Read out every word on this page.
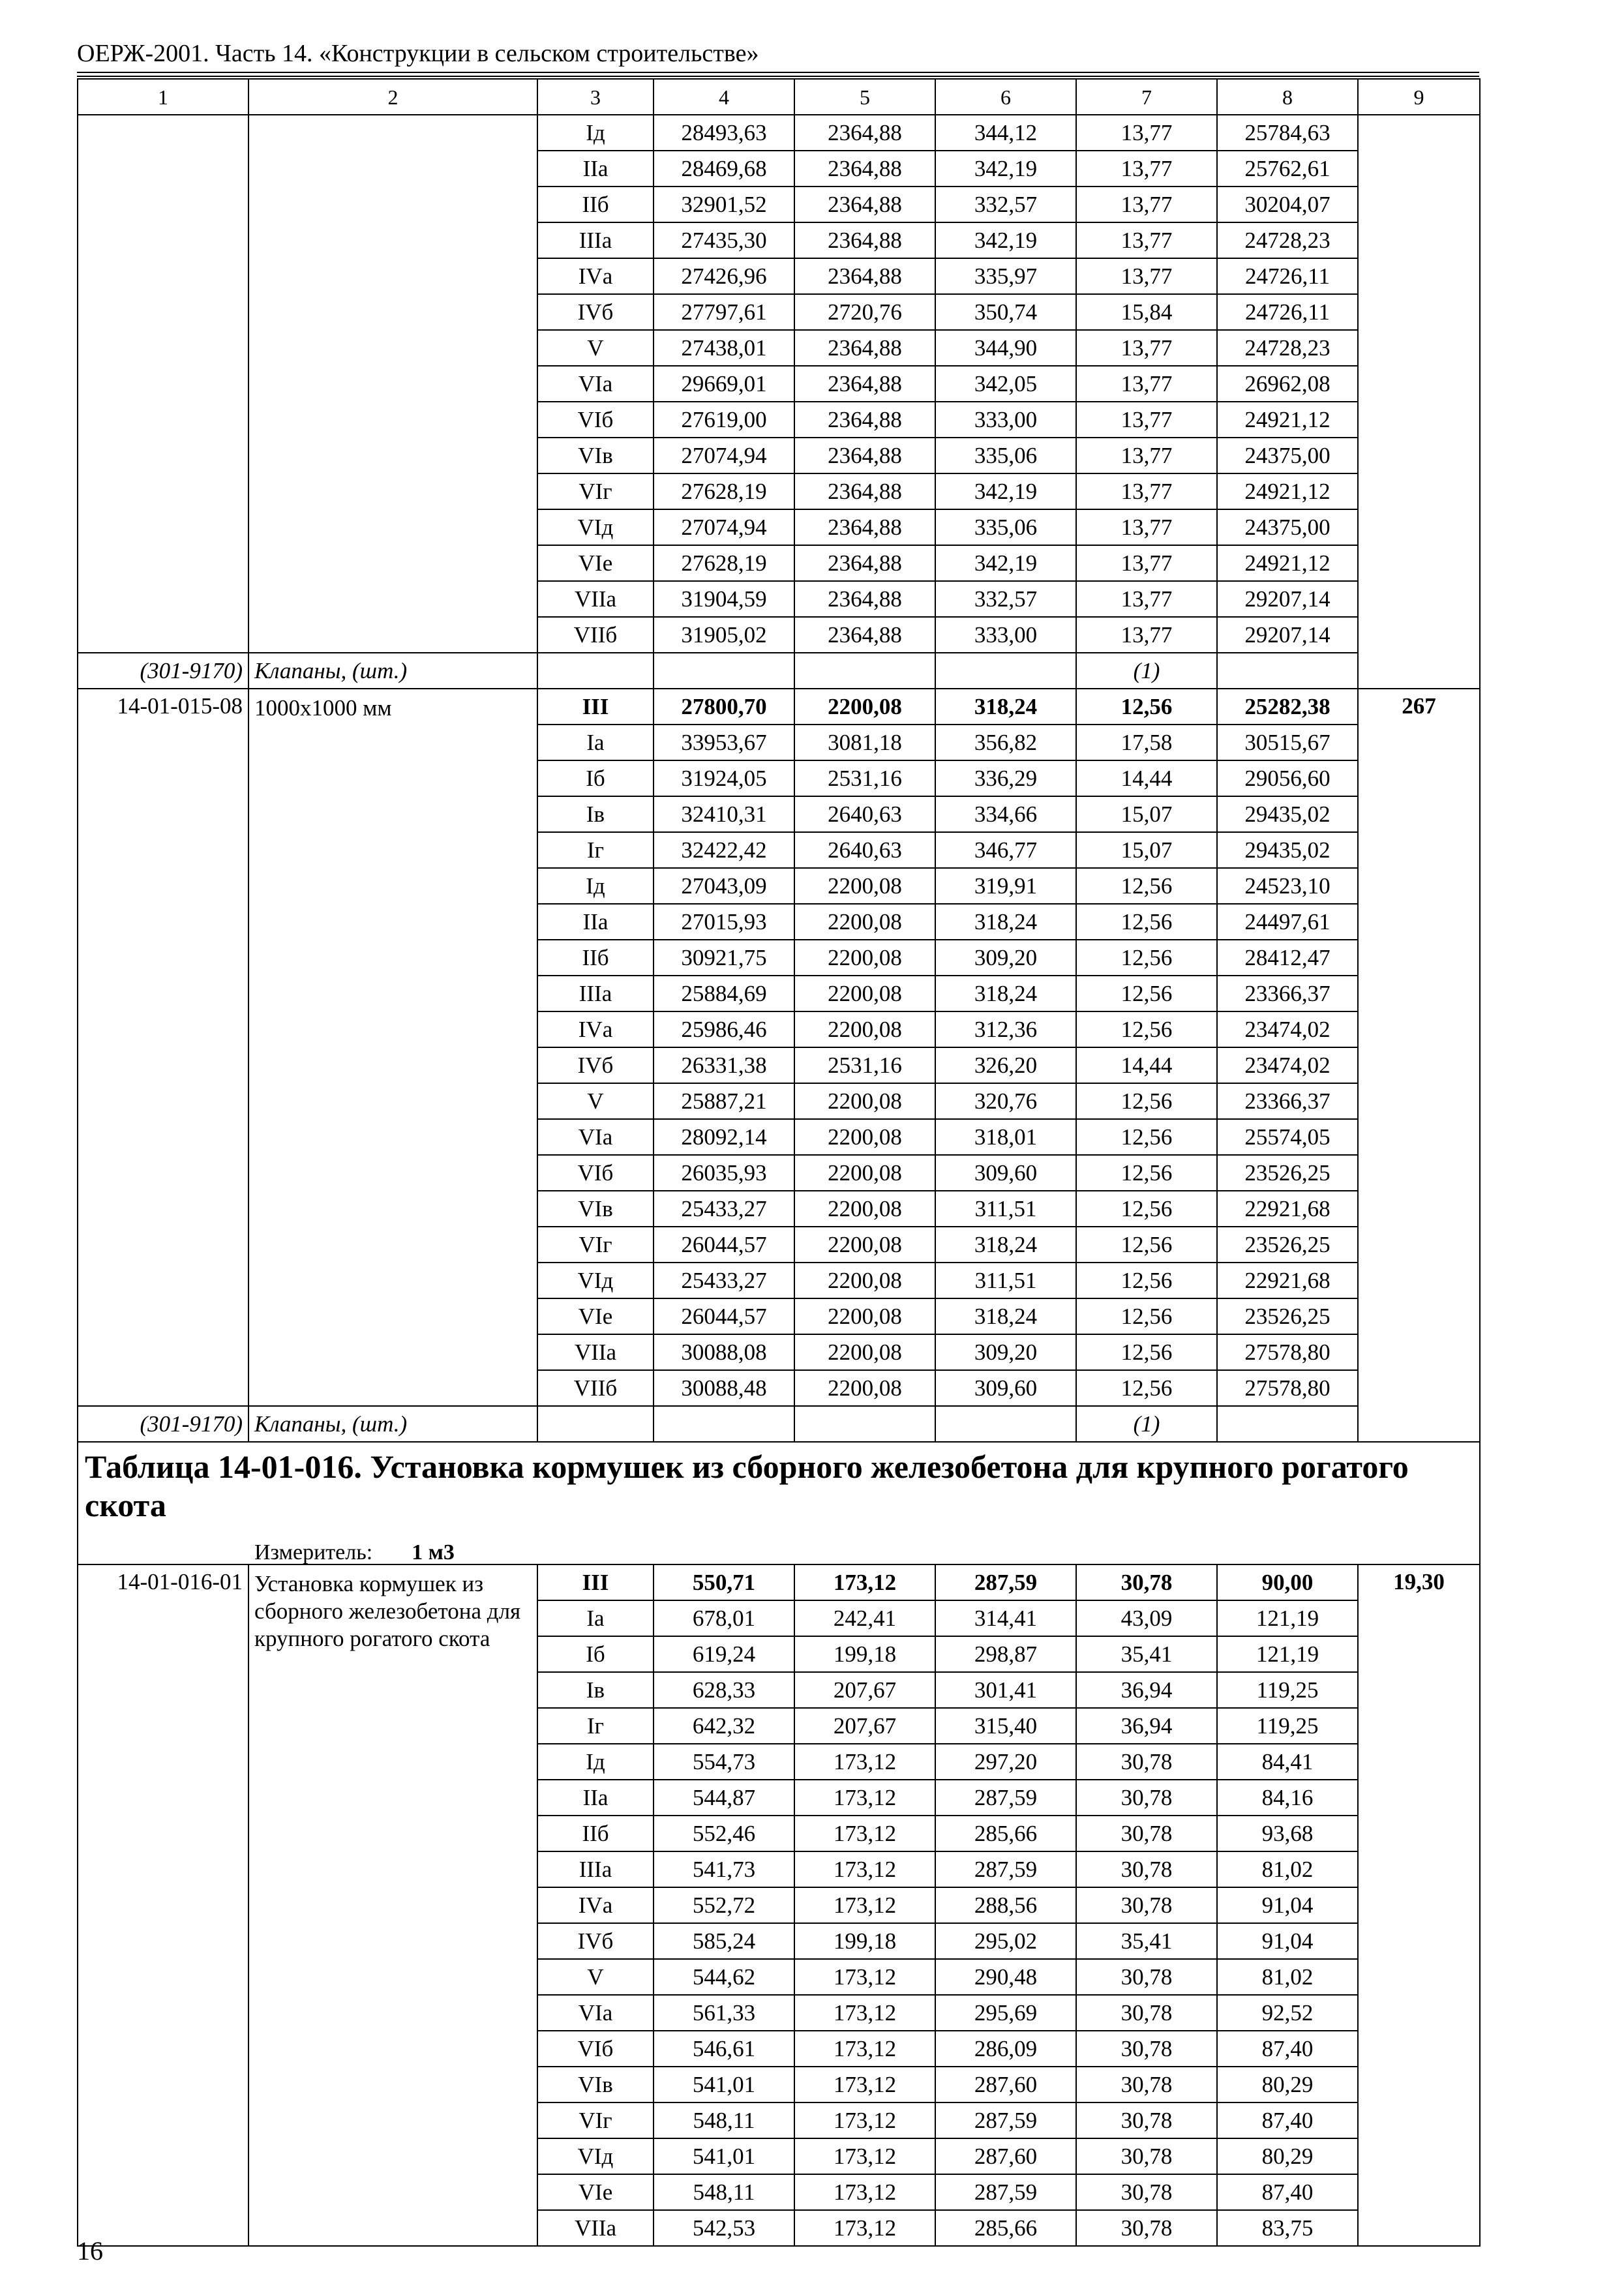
ОЕРЖ-2001. Часть 14. «Конструкции в сельском строительстве»
1	2	3	4	5	6	7	8	9
		Iд	28493,63	2364,88	344,12	13,77	25784,63	
		IIа	28469,68	2364,88	342,19	13,77	25762,61	
		IIб	32901,52	2364,88	332,57	13,77	30204,07	
		IIIа	27435,30	2364,88	342,19	13,77	24728,23	
		IVа	27426,96	2364,88	335,97	13,77	24726,11	
		IVб	27797,61	2720,76	350,74	15,84	24726,11	
		V	27438,01	2364,88	344,90	13,77	24728,23	
		VIа	29669,01	2364,88	342,05	13,77	26962,08	
		VIб	27619,00	2364,88	333,00	13,77	24921,12	
		VIв	27074,94	2364,88	335,06	13,77	24375,00	
		VIг	27628,19	2364,88	342,19	13,77	24921,12	
		VIд	27074,94	2364,88	335,06	13,77	24375,00	
		VIе	27628,19	2364,88	342,19	13,77	24921,12	
		VIIа	31904,59	2364,88	332,57	13,77	29207,14	
		VIIб	31905,02	2364,88	333,00	13,77	29207,14	
(301-9170)	Клапаны, (шт.)					(1)		
14-01-015-08	1000х1000 мм	III	27800,70	2200,08	318,24	12,56	25282,38	267
		Iа	33953,67	3081,18	356,82	17,58	30515,67	
		Iб	31924,05	2531,16	336,29	14,44	29056,60	
		Iв	32410,31	2640,63	334,66	15,07	29435,02	
		Iг	32422,42	2640,63	346,77	15,07	29435,02	
		Iд	27043,09	2200,08	319,91	12,56	24523,10	
		IIа	27015,93	2200,08	318,24	12,56	24497,61	
		IIб	30921,75	2200,08	309,20	12,56	28412,47	
		IIIа	25884,69	2200,08	318,24	12,56	23366,37	
		IVа	25986,46	2200,08	312,36	12,56	23474,02	
		IVб	26331,38	2531,16	326,20	14,44	23474,02	
		V	25887,21	2200,08	320,76	12,56	23366,37	
		VIа	28092,14	2200,08	318,01	12,56	25574,05	
		VIб	26035,93	2200,08	309,60	12,56	23526,25	
		VIв	25433,27	2200,08	311,51	12,56	22921,68	
		VIг	26044,57	2200,08	318,24	12,56	23526,25	
		VIд	25433,27	2200,08	311,51	12,56	22921,68	
		VIе	26044,57	2200,08	318,24	12,56	23526,25	
		VIIа	30088,08	2200,08	309,20	12,56	27578,80	
		VIIб	30088,48	2200,08	309,60	12,56	27578,80	
(301-9170)	Клапаны, (шт.)					(1)		

Таблица 14-01-016. Установка кормушек из сборного железобетона для крупного рогатого скота
Измеритель: 1 м3								

14-01-016-01	Установка кормушек из сборного железобетона для крупного рогатого скота	III	550,71	173,12	287,59	30,78	90,00	19,30
		Iа	678,01	242,41	314,41	43,09	121,19	
		Iб	619,24	199,18	298,87	35,41	121,19	
		Iв	628,33	207,67	301,41	36,94	119,25	
		Iг	642,32	207,67	315,40	36,94	119,25	
		Iд	554,73	173,12	297,20	30,78	84,41	
		IIа	544,87	173,12	287,59	30,78	84,16	
		IIб	552,46	173,12	285,66	30,78	93,68	
		IIIа	541,73	173,12	287,59	30,78	81,02	
		IVа	552,72	173,12	288,56	30,78	91,04	
		IVб	585,24	199,18	295,02	35,41	91,04	
		V	544,62	173,12	290,48	30,78	81,02	
		VIа	561,33	173,12	295,69	30,78	92,52	
		VIб	546,61	173,12	286,09	30,78	87,40	
		VIв	541,01	173,12	287,60	30,78	80,29	
		VIг	548,11	173,12	287,59	30,78	87,40	
		VIд	541,01	173,12	287,60	30,78	80,29	
		VIе	548,11	173,12	287,59	30,78	87,40	
		VIIа	542,53	173,12	285,66	30,78	83,75	
16
